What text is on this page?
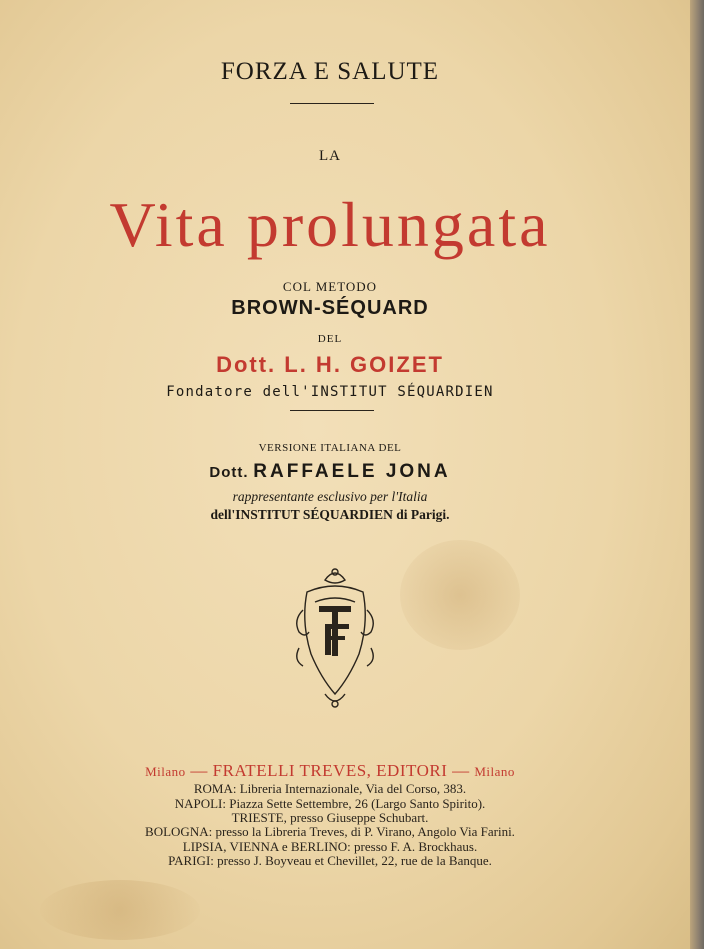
FORZA E SALUTE
LA
Vita prolungata
COL METODO
BROWN-SÉQUARD
DEL
Dott. L. H. GOIZET
Fondatore dell'INSTITUT SÉQUARDIEN
VERSIONE ITALIANA DEL
Dott. RAFFAELE JONA
rappresentante esclusivo per l'Italia
dell'INSTITUT SÉQUARDIEN di Parigi.
Milano — FRATELLI TREVES, EDITORI — Milano
ROMA: Libreria Internazionale, Via del Corso, 383.
NAPOLI: Piazza Sette Settembre, 26 (Largo Santo Spirito).
TRIESTE, presso Giuseppe Schubart.
BOLOGNA: presso la Libreria Treves, di P. Virano, Angolo Via Farini.
LIPSIA, VIENNA e BERLINO: presso F. A. Brockhaus.
PARIGI: presso J. Boyveau et Chevillet, 22, rue de la Banque.
